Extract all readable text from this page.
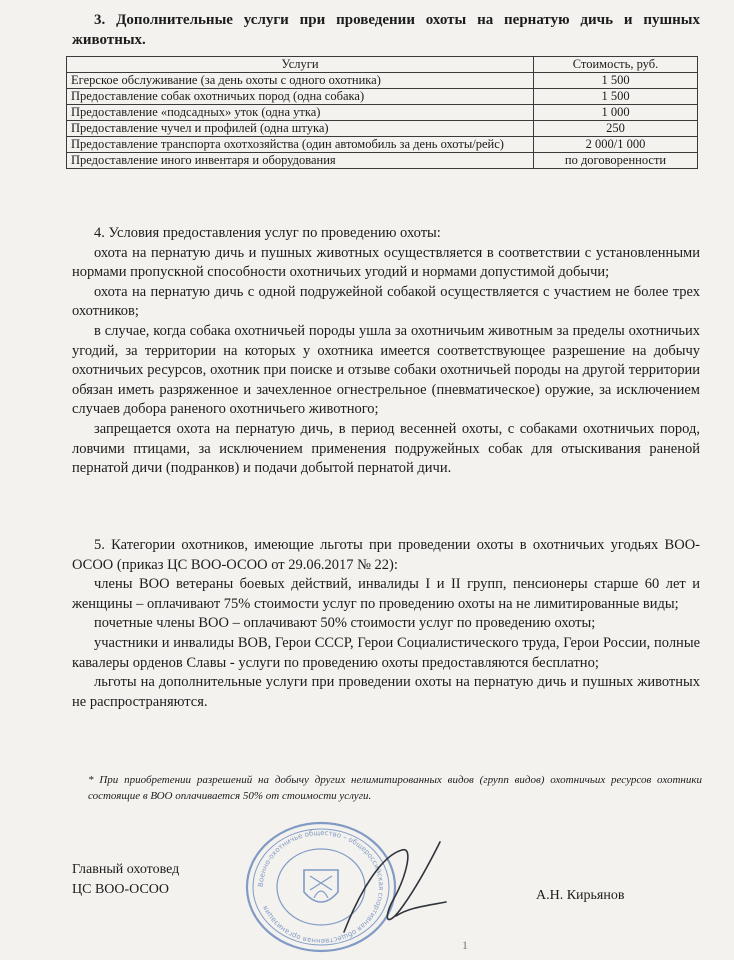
3. Дополнительные услуги при проведении охоты на пернатую дичь и пушных животных.
Услуги	Стоимость, руб.
Егерское обслуживание (за день охоты с одного охотника)	1 500
Предоставление собак охотничьих пород (одна собака)	1 500
Предоставление «подсадных» уток (одна утка)	1 000
Предоставление чучел и профилей (одна штука)	250
Предоставление транспорта охотхозяйства (один автомобиль за день охоты/рейс)	2 000/1 000
Предоставление иного инвентаря и оборудования	по договоренности
4. Условия предоставления услуг по проведению охоты:
охота на пернатую дичь и пушных животных осуществляется в соответствии с установленными нормами пропускной способности охотничьих угодий и нормами допустимой добычи;
охота на пернатую дичь с одной подружейной собакой осуществляется с участием не более трех охотников;
в случае, когда собака охотничьей породы ушла за охотничьим животным за пределы охотничьих угодий, за территории на которых у охотника имеется соответствующее разрешение на добычу охотничьих ресурсов, охотник при поиске и отзыве собаки охотничьей породы на другой территории обязан иметь разряженное и зачехленное огнестрельное (пневматическое) оружие, за исключением случаев добора раненого охотничьего животного;
запрещается охота на пернатую дичь, в период весенней охоты, с собаками охотничьих пород, ловчими птицами, за исключением применения подружейных собак для отыскивания раненой пернатой дичи (подранков) и подачи добытой пернатой дичи.
5. Категории охотников, имеющие льготы при проведении охоты в охотничьих угодьях ВОО-ОСОО (приказ ЦС ВОО-ОСОО от 29.06.2017 № 22):
члены ВОО ветераны боевых действий, инвалиды I и II групп, пенсионеры старше 60 лет и женщины – оплачивают 75% стоимости услуг по проведению охоты на не лимитированные виды;
почетные члены ВОО – оплачивают 50% стоимости услуг по проведению охоты;
участники и инвалиды ВОВ, Герои СССР, Герои Социалистического труда, Герои России, полные кавалеры орденов Славы - услуги по проведению охоты предоставляются бесплатно;
льготы на дополнительные услуги при проведении охоты на пернатую дичь и пушных животных не распространяются.
* При приобретении разрешений на добычу других нелимитированных видов (групп видов) охотничьих ресурсов охотники состоящие в ВОО оплачивается 50% от стоимости услуги.
Главный охотовед
ЦС ВОО-ОСОО	Военно-охотничье общество – общероссийская спортивная общественная организация
А.Н. Кирьянов
1
